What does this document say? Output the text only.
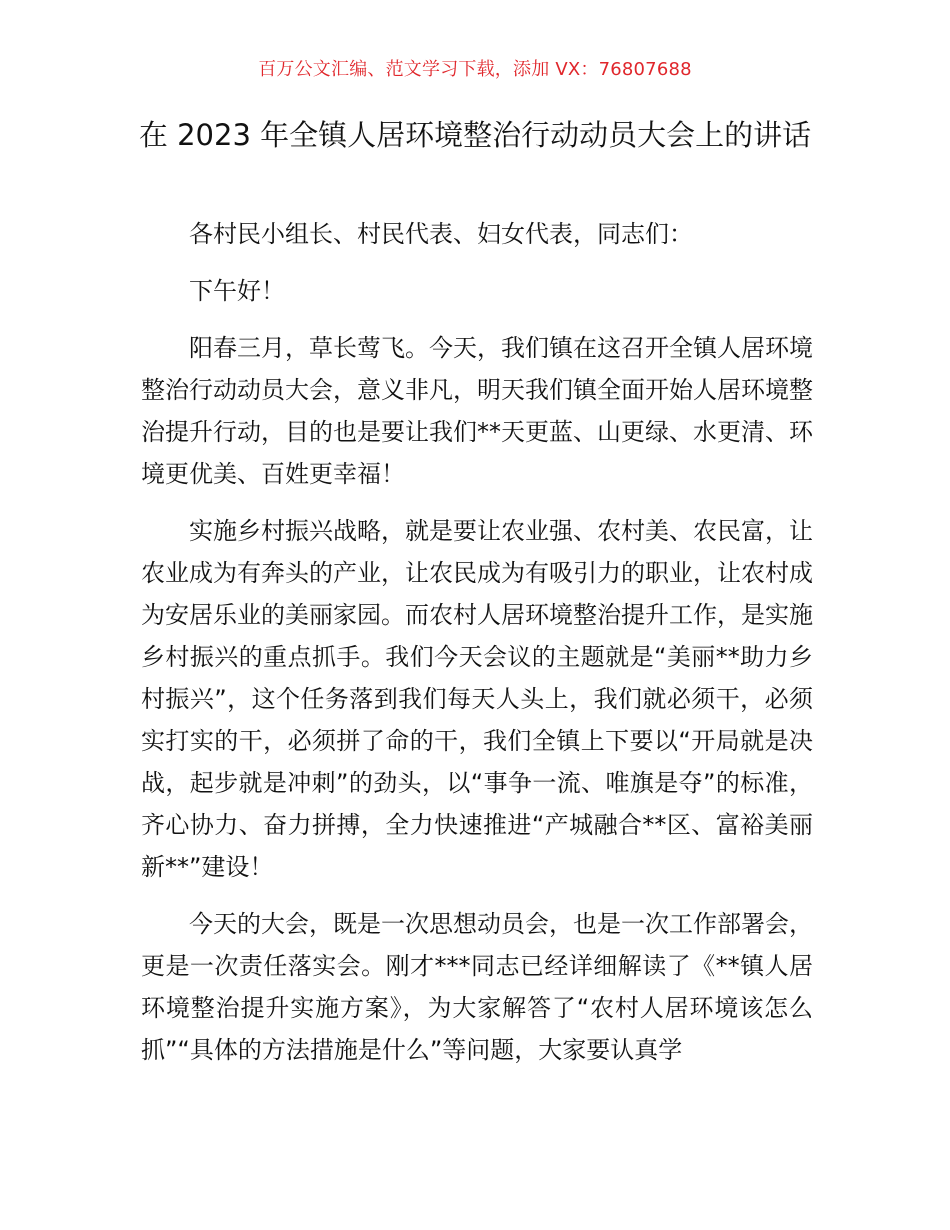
百万公文汇编、范文学习下载，添加 VX：76807688
在 2023 年全镇人居环境整治行动动员大会上的讲话

各村民小组长、村民代表、妇女代表，同志们：

下午好！

阳春三月，草长莺飞。今天，我们镇在这召开全镇人居环境整治行动动员大会，意义非凡，明天我们镇全面开始人居环境整治提升行动，目的也是要让我们**天更蓝、山更绿、水更清、环境更优美、百姓更幸福！

实施乡村振兴战略，就是要让农业强、农村美、农民富，让农业成为有奔头的产业，让农民成为有吸引力的职业，让农村成为安居乐业的美丽家园。而农村人居环境整治提升工作，是实施乡村振兴的重点抓手。我们今天会议的主题就是“美丽**助力乡村振兴”，这个任务落到我们每天人头上，我们就必须干，必须实打实的干，必须拼了命的干，我们全镇上下要以“开局就是决战，起步就是冲刺”的劲头，以“事争一流、唯旗是夺”的标准，齐心协力、奋力拼搏，全力快速推进“产城融合**区、富裕美丽新**”建设！

今天的大会，既是一次思想动员会，也是一次工作部署会，更是一次责任落实会。刚才***同志已经详细解读了《**镇人居环境整治提升实施方案》，为大家解答了“农村人居环境该怎么抓”“具体的方法措施是什么”等问题，大家要认真学
